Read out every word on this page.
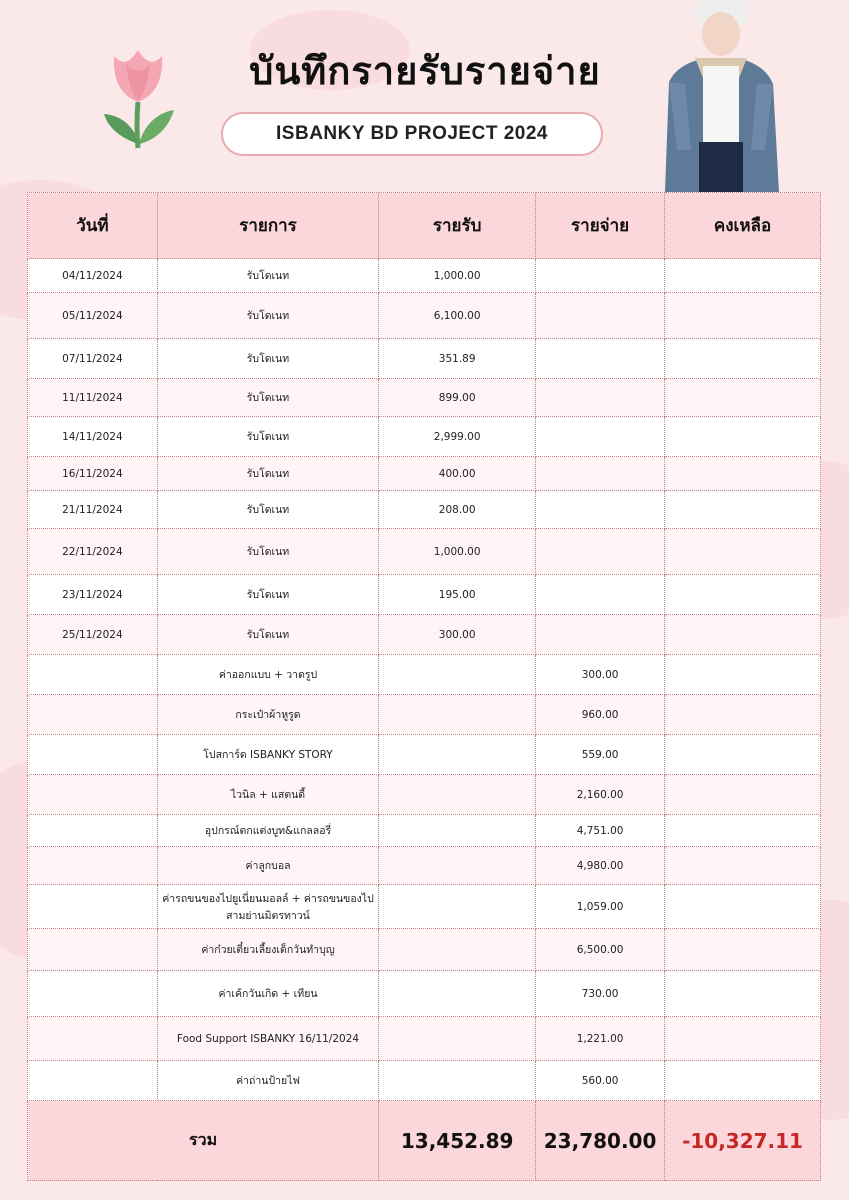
บันทึกรายรับรายจ่าย
ISBANKY BD PROJECT 2024
วันที่	รายการ	รายรับ	รายจ่าย	คงเหลือ
04/11/2024	รับโดเนท	1,000.00		
05/11/2024	รับโดเนท	6,100.00		
07/11/2024	รับโดเนท	351.89		
11/11/2024	รับโดเนท	899.00		
14/11/2024	รับโดเนท	2,999.00		
16/11/2024	รับโดเนท	400.00		
21/11/2024	รับโดเนท	208.00		
22/11/2024	รับโดเนท	1,000.00		
23/11/2024	รับโดเนท	195.00		
25/11/2024	รับโดเนท	300.00		
	ค่าออกแบบ + วาดรูป		300.00	
	กระเป๋าผ้าหูรูด		960.00	
	โปสการ์ด ISBANKY STORY		559.00	
	ไวนิล + แสตนดี้		2,160.00	
	อุปกรณ์ตกแต่งบูท&แกลลอรี่		4,751.00	
	ค่าลูกบอล		4,980.00	
	ค่ารถขนของไปยูเนี่ยนมอลล์ + ค่ารถขนของไปสามย่านมิตรทาวน์		1,059.00	
	ค่าก๋วยเตี๋ยวเลี้ยงเด็กวันทำบุญ		6,500.00	
	ค่าเค้กวันเกิด + เทียน		730.00	
	Food Support ISBANKY 16/11/2024		1,221.00	
	ค่าถ่านป้ายไฟ		560.00	
รวม		13,452.89	23,780.00	-10,327.11
